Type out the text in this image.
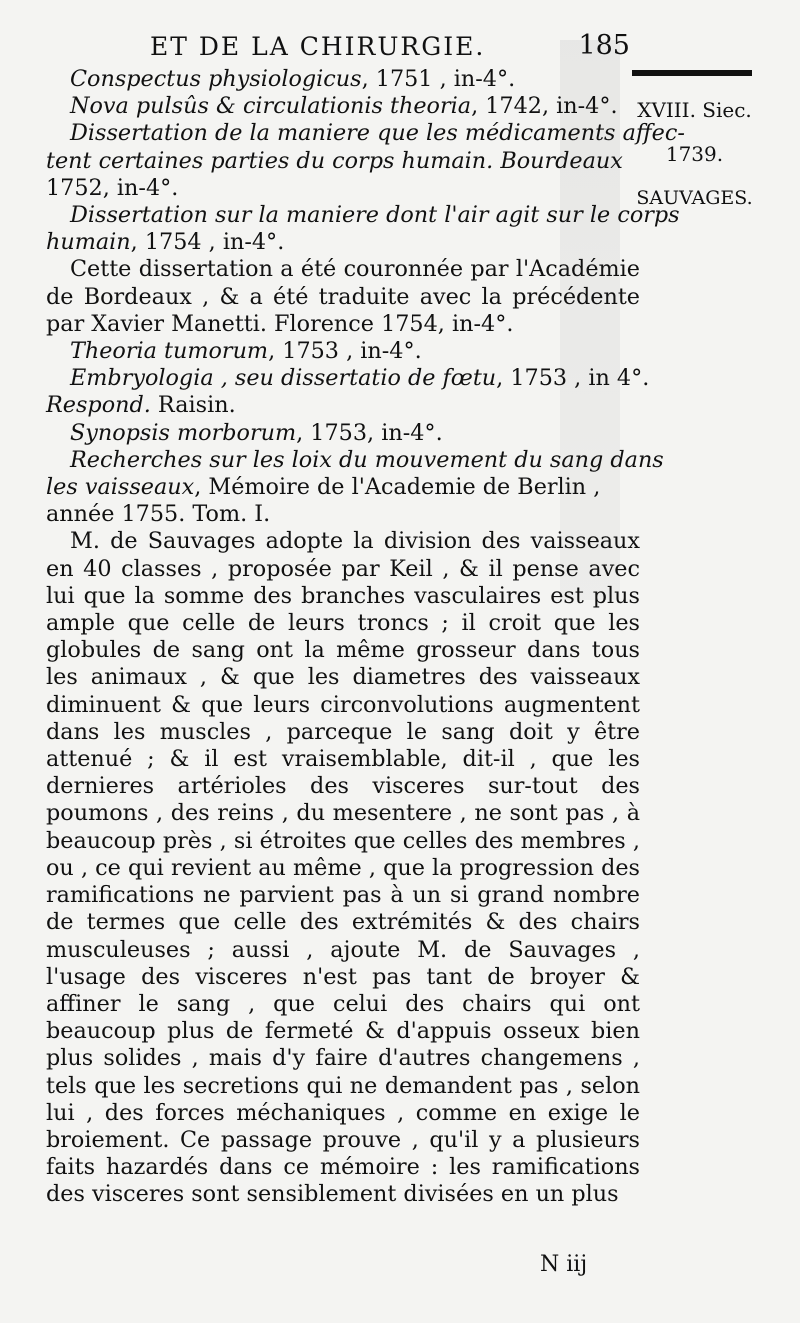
ET DE LA CHIRURGIE.	185
XVIII. Siec.
1739.
SAUVAGES.
Conspectus physiologicus, 1751 , in-4°.
Nova pulsûs & circulationis theoria, 1742, in-4°.
Dissertation de la maniere que les médicaments affec-
tent certaines parties du corps humain. Bourdeaux
1752, in-4°.
Dissertation sur la maniere dont l'air agit sur le corps
humain, 1754 , in-4°.
Cette dissertation a été couronnée par l'Académie de Bordeaux , & a été traduite avec la précédente par Xavier Manetti. Florence 1754, in-4°.
Theoria tumorum, 1753 , in-4°.
Embryologia , seu dissertatio de fœtu, 1753 , in 4°.
Respond. Raisin.
Synopsis morborum, 1753, in-4°.
Recherches sur les loix du mouvement du sang dans
les vaisseaux, Mémoire de l'Academie de Berlin ,
année 1755. Tom. I.
M. de Sauvages adopte la division des vaisseaux en 40 classes , proposée par Keil , & il pense avec lui que la somme des branches vasculaires est plus ample que celle de leurs troncs ; il croit que les globules de sang ont la même grosseur dans tous les animaux , & que les diametres des vaisseaux diminuent & que leurs circonvolutions augmentent dans les muscles , parceque le sang doit y être attenué ; & il est vraisemblable, dit-il , que les dernieres artérioles des visceres sur-tout des poumons , des reins , du mesentere , ne sont pas , à beaucoup près , si étroites que celles des membres , ou , ce qui revient au même , que la progression des ramifications ne parvient pas à un si grand nombre de termes que celle des extrémités & des chairs musculeuses ; aussi , ajoute M. de Sauvages , l'usage des visceres n'est pas tant de broyer & affiner le sang , que celui des chairs qui ont beaucoup plus de fermeté & d'appuis osseux bien plus solides , mais d'y faire d'autres changemens , tels que les secretions qui ne demandent pas , selon lui , des forces méchaniques , comme en exige le broiement. Ce passage prouve , qu'il y a plusieurs faits hazardés dans ce mémoire : les ramifications des visceres sont sensiblement divisées en un plus
N iij
